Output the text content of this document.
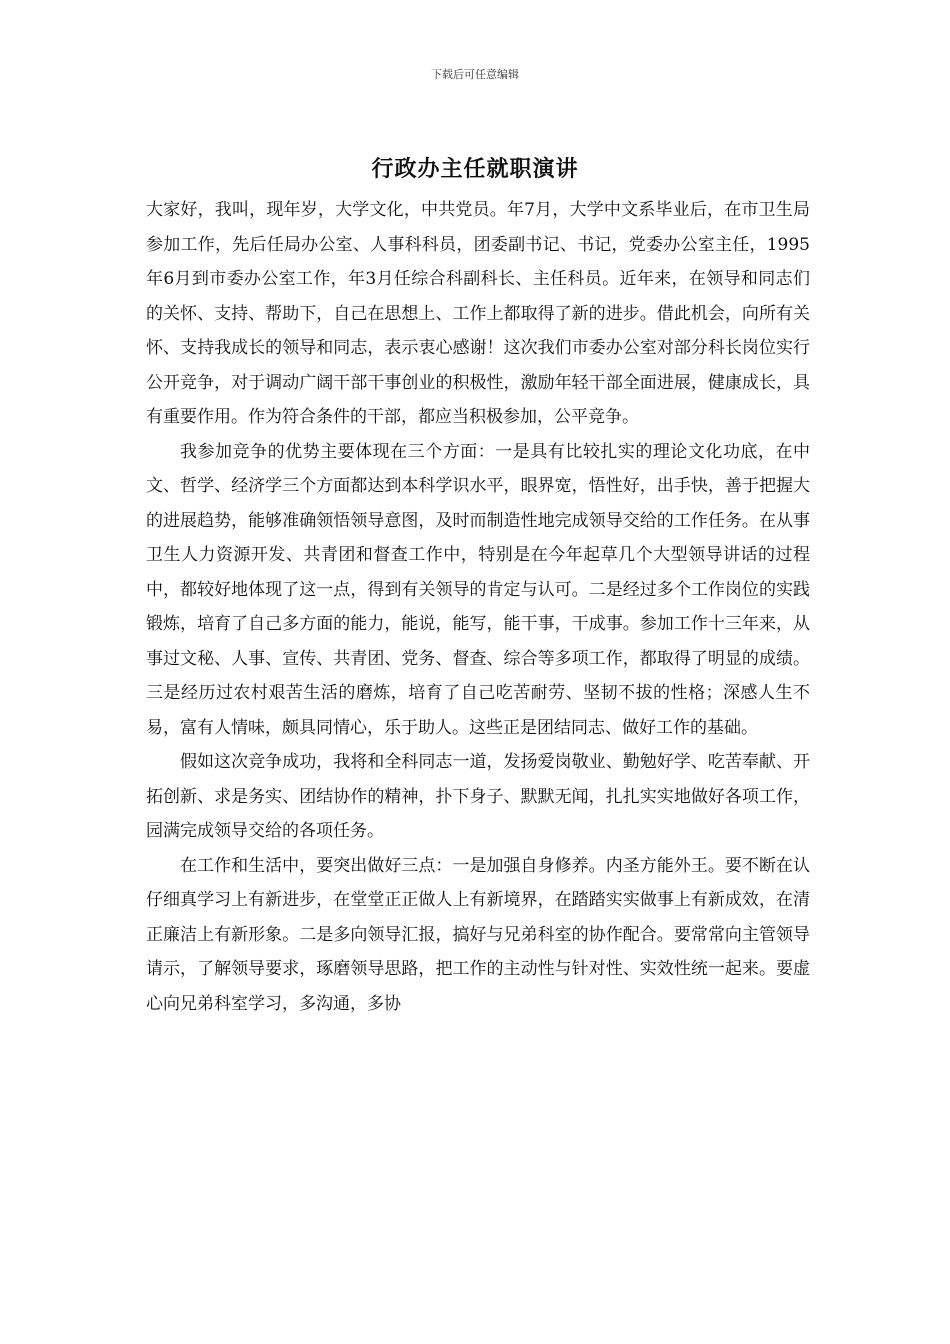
下载后可任意编辑
行政办主任就职演讲

大家好，我叫，现年岁，大学文化，中共党员。年7月，大学中文系毕业后，在市卫生局参加工作，先后任局办公室、人事科科员，团委副书记、书记，党委办公室主任，1995年6月到市委办公室工作，年3月任综合科副科长、主任科员。近年来，在领导和同志们的关怀、支持、帮助下，自己在思想上、工作上都取得了新的进步。借此机会，向所有关怀、支持我成长的领导和同志，表示衷心感谢！这次我们市委办公室对部分科长岗位实行公开竞争，对于调动广阔干部干事创业的积极性，激励年轻干部全面进展，健康成长，具有重要作用。作为符合条件的干部，都应当积极参加，公平竞争。

我参加竞争的优势主要体现在三个方面：一是具有比较扎实的理论文化功底，在中文、哲学、经济学三个方面都达到本科学识水平，眼界宽，悟性好，出手快，善于把握大的进展趋势，能够准确领悟领导意图，及时而制造性地完成领导交给的工作任务。在从事卫生人力资源开发、共青团和督查工作中，特别是在今年起草几个大型领导讲话的过程中，都较好地体现了这一点，得到有关领导的肯定与认可。二是经过多个工作岗位的实践锻炼，培育了自己多方面的能力，能说，能写，能干事，干成事。参加工作十三年来，从事过文秘、人事、宣传、共青团、党务、督查、综合等多项工作，都取得了明显的成绩。三是经历过农村艰苦生活的磨炼，培育了自己吃苦耐劳、坚韧不拔的性格；深感人生不易，富有人情味，颇具同情心，乐于助人。这些正是团结同志、做好工作的基础。

假如这次竞争成功，我将和全科同志一道，发扬爱岗敬业、勤勉好学、吃苦奉献、开拓创新、求是务实、团结协作的精神，扑下身子、默默无闻，扎扎实实地做好各项工作，园满完成领导交给的各项任务。

在工作和生活中，要突出做好三点：一是加强自身修养。内圣方能外王。要不断在认仔细真学习上有新进步，在堂堂正正做人上有新境界，在踏踏实实做事上有新成效，在清正廉洁上有新形象。二是多向领导汇报，搞好与兄弟科室的协作配合。要常常向主管领导请示，了解领导要求，琢磨领导思路，把工作的主动性与针对性、实效性统一起来。要虚心向兄弟科室学习，多沟通，多协
